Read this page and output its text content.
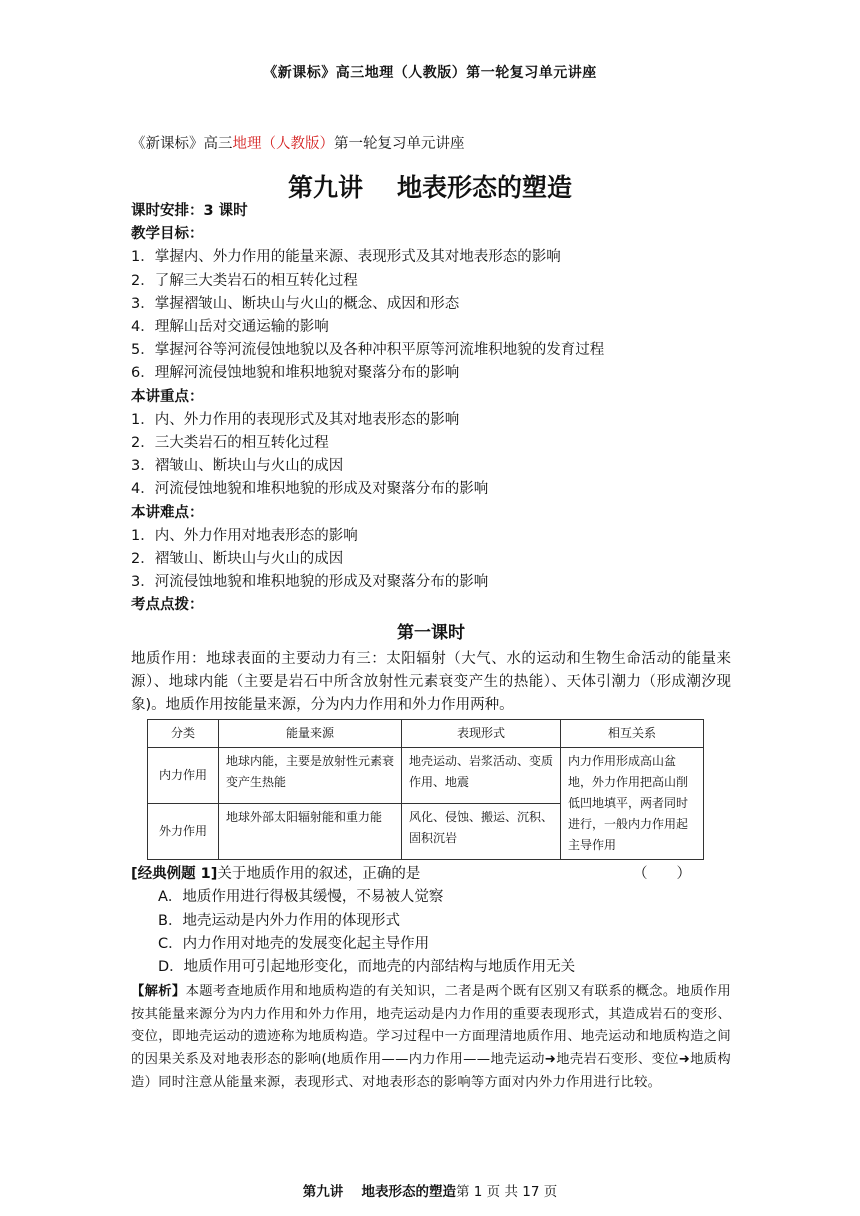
《新课标》高三地理（人教版）第一轮复习单元讲座
《新课标》高三地理（人教版）第一轮复习单元讲座
第九讲 地表形态的塑造
课时安排：3 课时
教学目标：
1．掌握内、外力作用的能量来源、表现形式及其对地表形态的影响
2．了解三大类岩石的相互转化过程
3．掌握褶皱山、断块山与火山的概念、成因和形态
4．理解山岳对交通运输的影响
5．掌握河谷等河流侵蚀地貌以及各种冲积平原等河流堆积地貌的发育过程
6．理解河流侵蚀地貌和堆积地貌对聚落分布的影响
本讲重点：
1．内、外力作用的表现形式及其对地表形态的影响
2．三大类岩石的相互转化过程
3．褶皱山、断块山与火山的成因
4．河流侵蚀地貌和堆积地貌的形成及对聚落分布的影响
本讲难点：
1．内、外力作用对地表形态的影响
2．褶皱山、断块山与火山的成因
3．河流侵蚀地貌和堆积地貌的形成及对聚落分布的影响
考点点拨：
第一课时
地质作用：地球表面的主要动力有三：太阳辐射（大气、水的运动和生物生命活动的能量来源）、地球内能（主要是岩石中所含放射性元素衰变产生的热能）、天体引潮力（形成潮汐现象)。地质作用按能量来源，分为内力作用和外力作用两种。
分类	能量来源	表现形式	相互关系
内力作用	地球内能，主要是放射性元素衰变产生热能	地壳运动、岩浆活动、变质作用、地震	内力作用形成高山盆地，外力作用把高山削低凹地填平，两者同时进行，一般内力作用起主导作用
外力作用	地球外部太阳辐射能和重力能	风化、侵蚀、搬运、沉积、固积沉岩	
[经典例题 1]关于地质作用的叙述，正确的是	（　　）
A．地质作用进行得极其缓慢，不易被人觉察
B．地壳运动是内外力作用的体现形式
C．内力作用对地壳的发展变化起主导作用
D．地质作用可引起地形变化，而地壳的内部结构与地质作用无关
【解析】本题考查地质作用和地质构造的有关知识，二者是两个既有区别又有联系的概念。地质作用按其能量来源分为内力作用和外力作用，地壳运动是内力作用的重要表现形式，其造成岩石的变形、变位，即地壳运动的遗迹称为地质构造。学习过程中一方面理清地质作用、地壳运动和地质构造之间的因果关系及对地表形态的影响(地质作用——内力作用——地壳运动➜地壳岩石变形、变位➜地质构造）同时注意从能量来源，表现形式、对地表形态的影响等方面对内外力作用进行比较。
第九讲　 地表形态的塑造第 1 页 共 17 页
